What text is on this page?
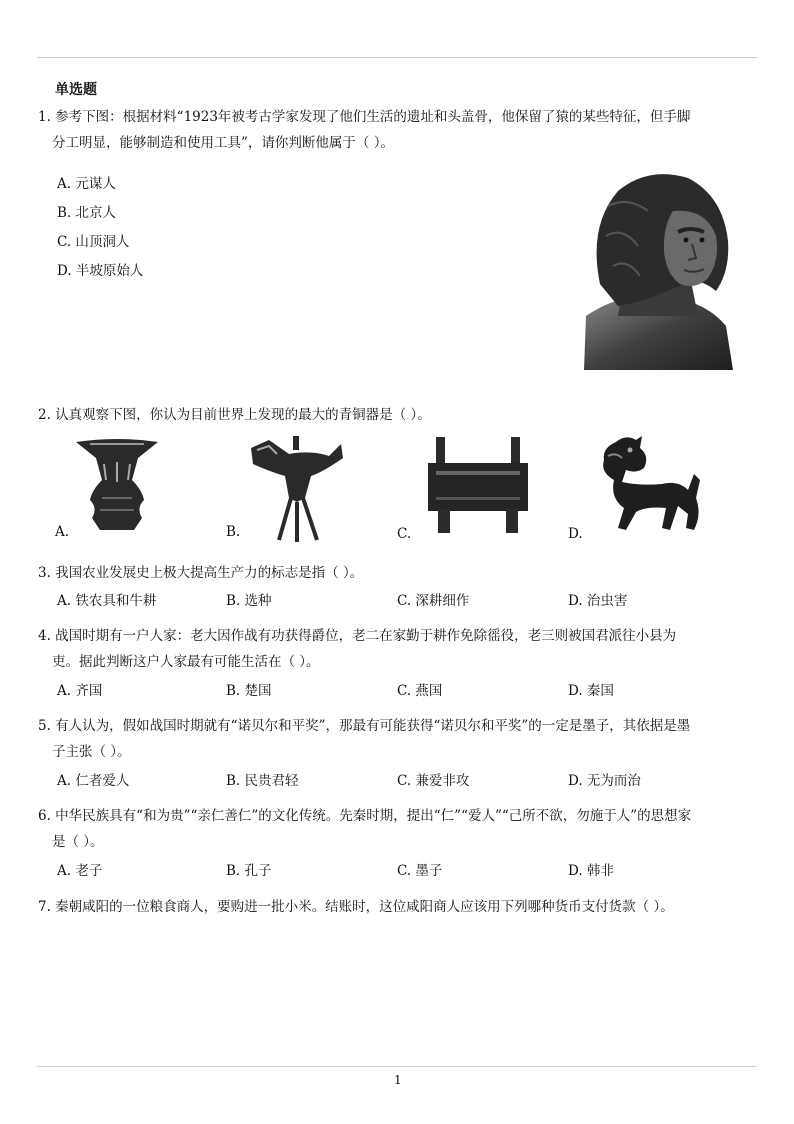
单选题
1. 参考下图：根据材料“1923年被考古学家发现了他们生活的遗址和头盖骨，他保留了猿的某些特征，但手脚
分工明显，能够制造和使用工具”，请你判断他属于（ ）。
A. 元谋人
B. 北京人
C. 山顶洞人
D. 半坡原始人
2. 认真观察下图，你认为目前世界上发现的最大的青铜器是（ ）。
A.	B.	C.	D.
3. 我国农业发展史上极大提高生产力的标志是指（ ）。
A. 铁农具和牛耕	B. 选种	C. 深耕细作	D. 治虫害
4. 战国时期有一户人家：老大因作战有功获得爵位，老二在家勤于耕作免除徭役，老三则被国君派往小县为
吏。据此判断这户人家最有可能生活在（ ）。
A. 齐国	B. 楚国	C. 燕国	D. 秦国
5. 有人认为，假如战国时期就有“诺贝尔和平奖”，那最有可能获得“诺贝尔和平奖”的一定是墨子，其依据是墨
子主张（ ）。
A. 仁者爱人	B. 民贵君轻	C. 兼爱非攻	D. 无为而治
6. 中华民族具有“和为贵”“亲仁善仁”的文化传统。先秦时期，提出“仁”“爱人”“己所不欲，勿施于人”的思想家
是（ ）。
A. 老子	B. 孔子	C. 墨子	D. 韩非
7. 秦朝咸阳的一位粮食商人，要购进一批小米。结账时，这位咸阳商人应该用下列哪种货币支付货款（ ）。
1
